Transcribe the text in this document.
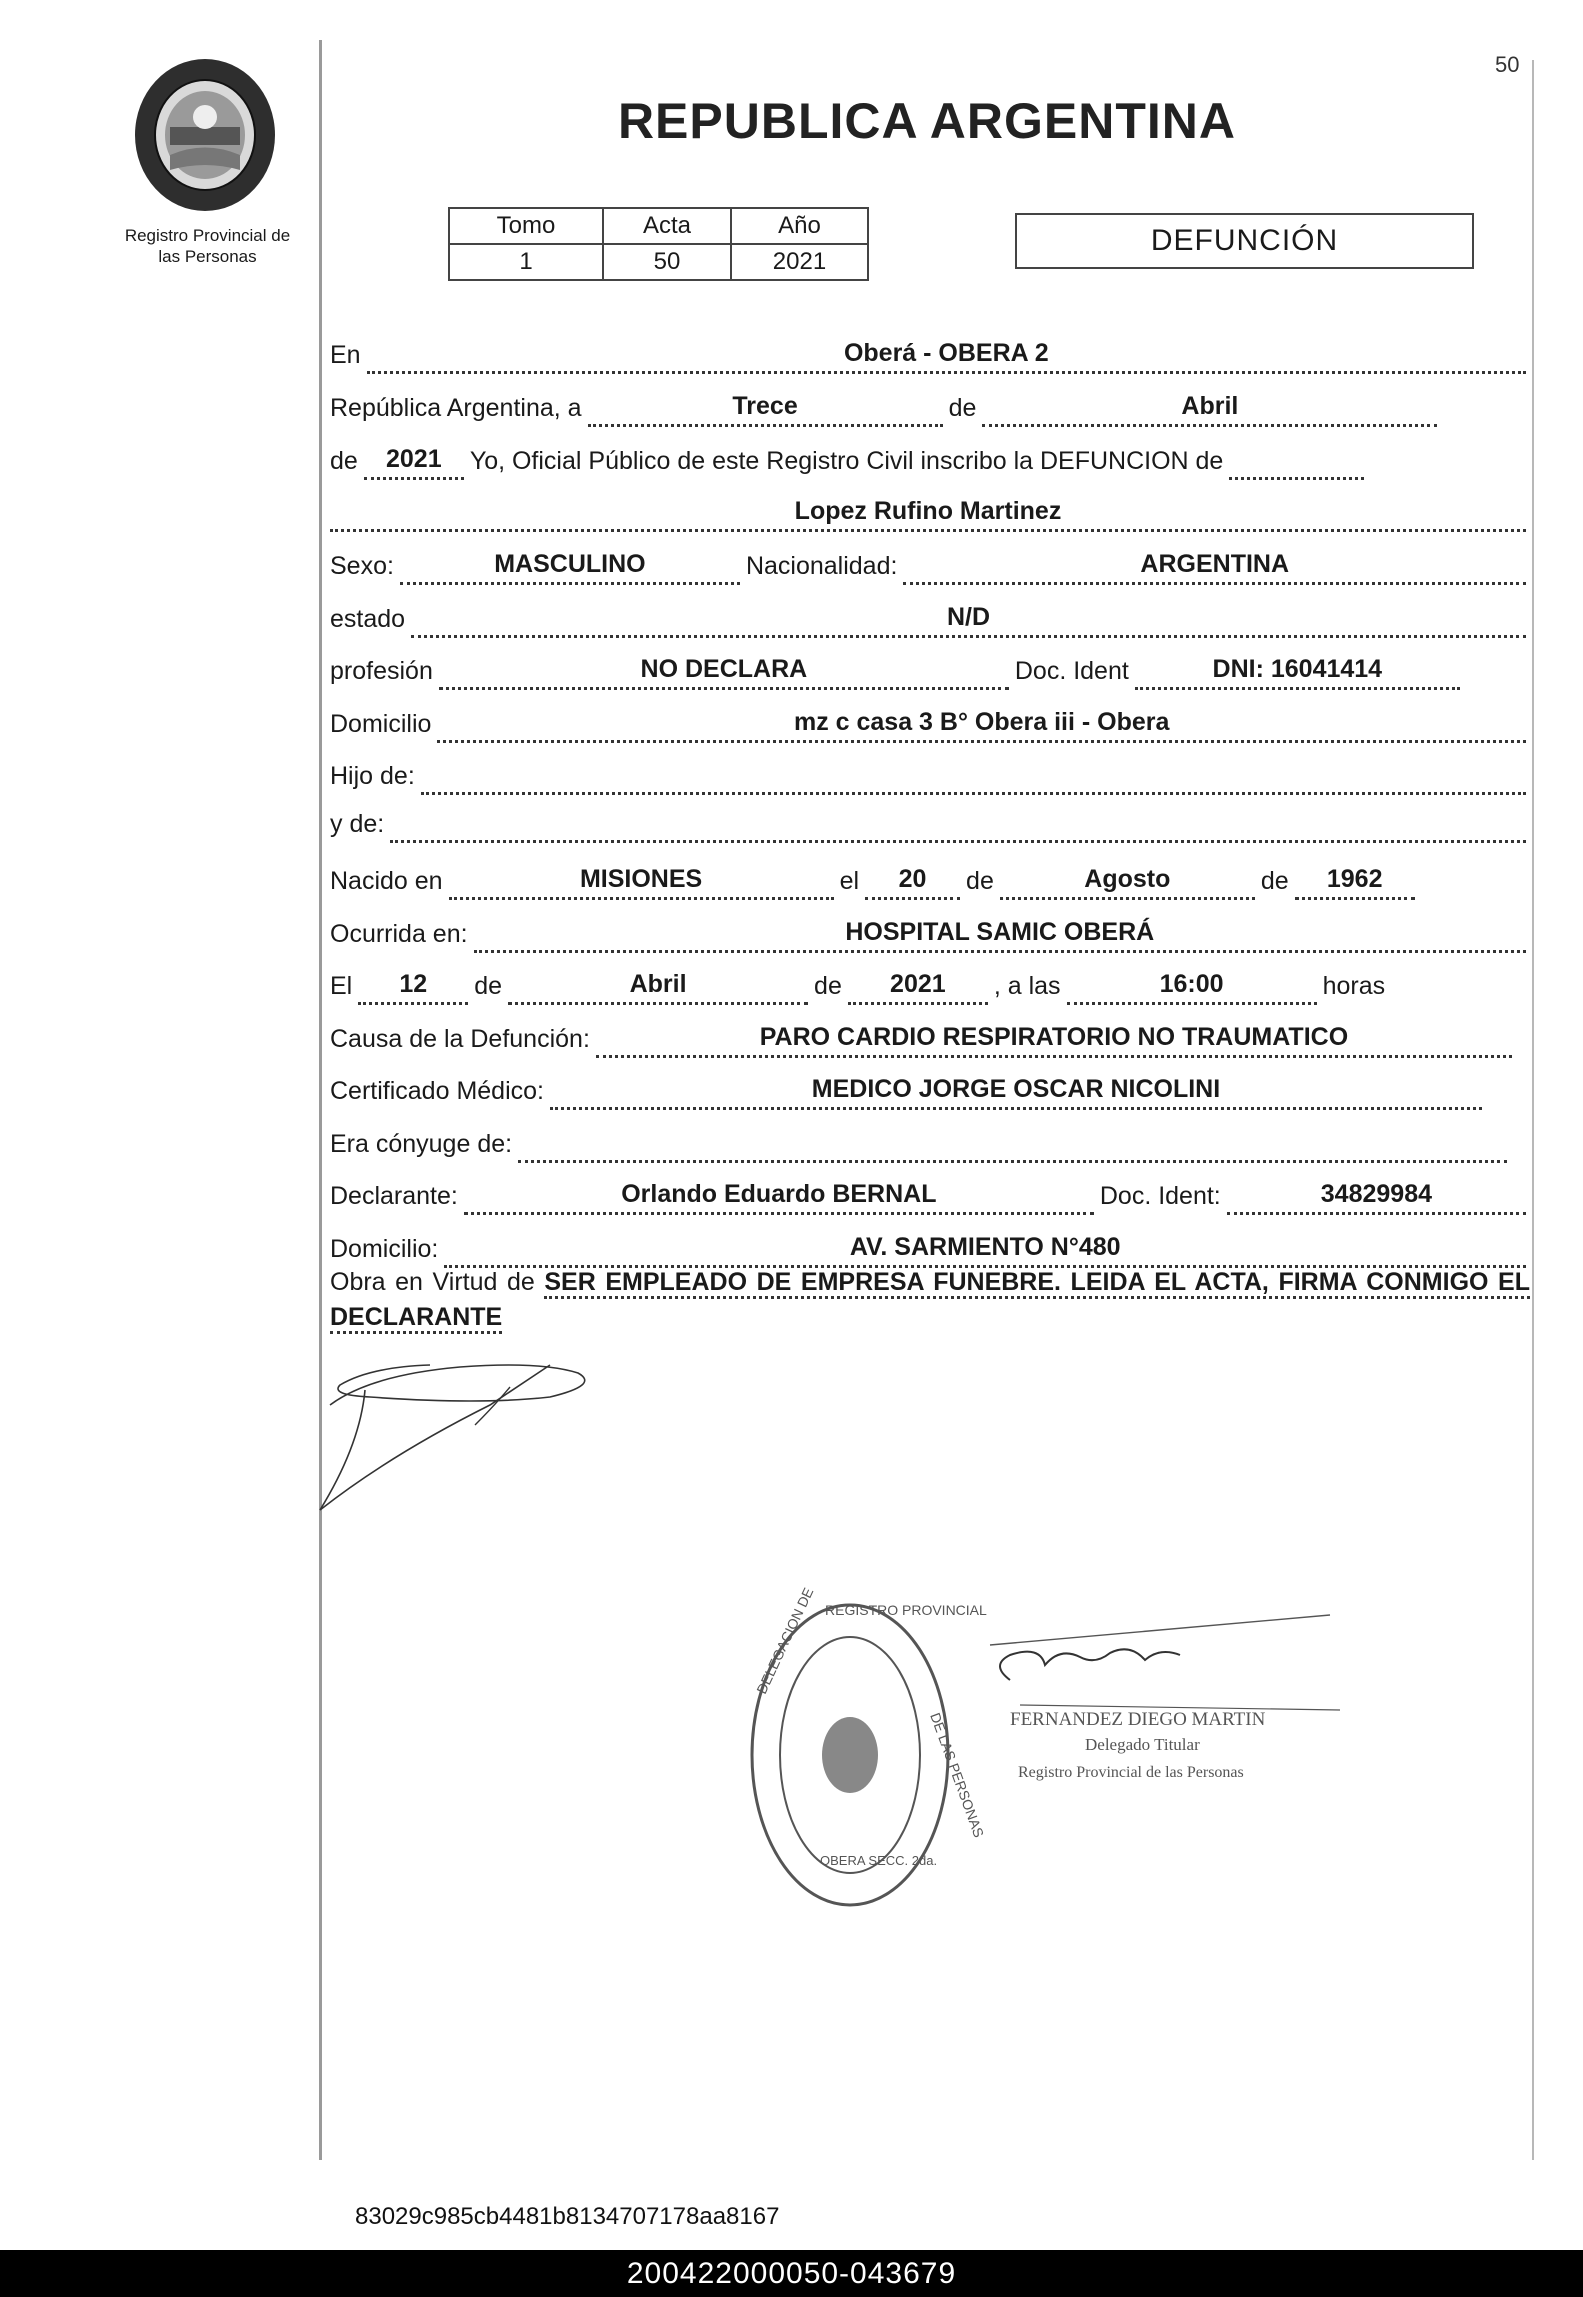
Registro Provincial de
las Personas
50
REPUBLICA ARGENTINA
Tomo	Acta	Año
1	50	2021
DEFUNCIÓN
En	Oberá - OBERA 2
República Argentina, a	Trece	de	Abril
de	2021	Yo, Oficial Público de este Registro Civil inscribo la DEFUNCION de
Lopez Rufino Martinez
Sexo:	MASCULINO	Nacionalidad:	ARGENTINA
estado	N/D
profesión	NO DECLARA	Doc. Ident	DNI: 16041414
Domicilio	mz c casa 3 B° Obera iii - Obera
Hijo de:
y de:
Nacido en	MISIONES	el	20	de	Agosto	de	1962
Ocurrida en:	HOSPITAL SAMIC OBERÁ
El	12	de	Abril	de	2021	, a las	16:00	horas
Causa de la Defunción:	PARO CARDIO RESPIRATORIO NO TRAUMATICO
Certificado Médico:	MEDICO JORGE OSCAR NICOLINI
Era cónyuge de:
Declarante:	Orlando Eduardo BERNAL	Doc. Ident:	34829984
Domicilio:	AV. SARMIENTO N°480
Obra en Virtud de SER EMPLEADO DE EMPRESA FUNEBRE. LEIDA EL ACTA, FIRMA CONMIGO EL DECLARANTE
DELEGACION DE REGISTRO PROVINCIAL
DE LAS PERSONAS
OBERA SECC. 2da.
FERNANDEZ DIEGO MARTIN
Delegado Titular
Registro Provincial de las Personas
83029c985cb4481b8134707178aa8167
200422000050-043679
